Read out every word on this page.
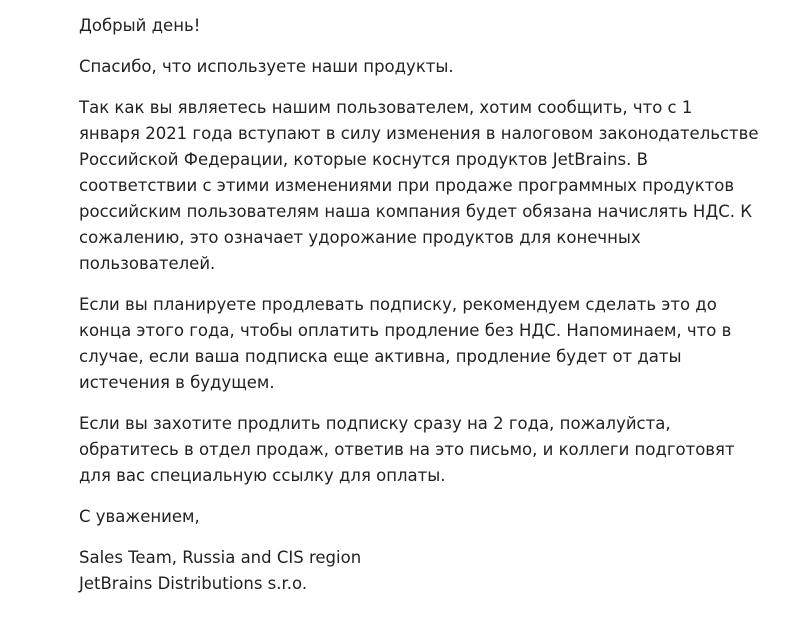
Добрый день!

Спасибо, что используете наши продукты.

Так как вы являетесь нашим пользователем, хотим сообщить, что с 1
января 2021 года вступают в силу изменения в налоговом законодательстве
Российской Федерации, которые коснутся продуктов JetBrains. В
соответствии с этими изменениями при продаже программных продуктов
российским пользователям наша компания будет обязана начислять НДС. К
сожалению, это означает удорожание продуктов для конечных
пользователей.

Если вы планируете продлевать подписку, рекомендуем сделать это до
конца этого года, чтобы оплатить продление без НДС. Напоминаем, что в
случае, если ваша подписка еще активна, продление будет от даты
истечения в будущем.

Если вы захотите продлить подписку сразу на 2 года, пожалуйста,
обратитесь в отдел продаж, ответив на это письмо, и коллеги подготовят
для вас специальную ссылку для оплаты.

С уважением,

Sales Team, Russia and CIS region
JetBrains Distributions s.r.o.
